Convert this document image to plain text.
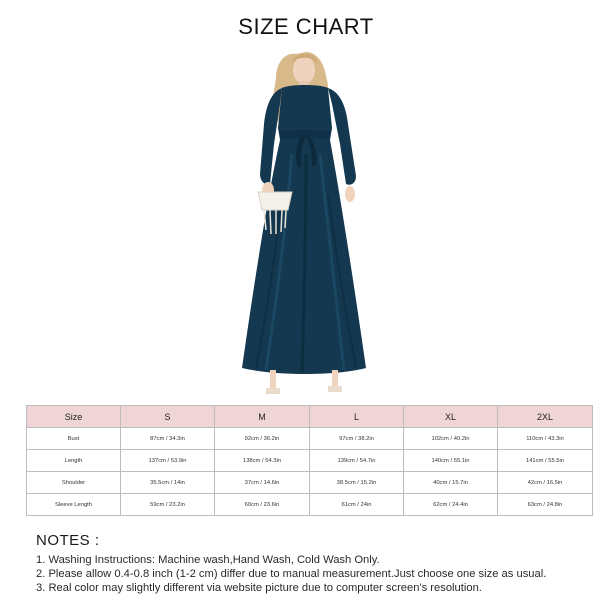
SIZE CHART
Size	S	M	L	XL	2XL
Bust	87cm / 34.3in	92cm / 36.2in	97cm / 38.2in	102cm / 40.2in	110cm / 43.3in
Length	137cm / 53.9in	138cm / 54.3in	139cm / 54.7in	140cm / 55.1in	141cm / 55.5in
Shoulder	35.5cm / 14in	37cm / 14.6in	38.5cm / 15.2in	40cm / 15.7in	42cm / 16.5in
Sleeve Length	59cm / 23.2in	60cm / 23.6in	61cm / 24in	62cm / 24.4in	63cm / 24.8in
NOTES :
1. Washing Instructions: Machine wash,Hand Wash, Cold Wash Only.
2. Please allow 0.4-0.8 inch (1-2 cm) differ due to manual measurement.Just choose one size as usual.
3. Real color may slightly different via website picture due to computer screen's resolution.
